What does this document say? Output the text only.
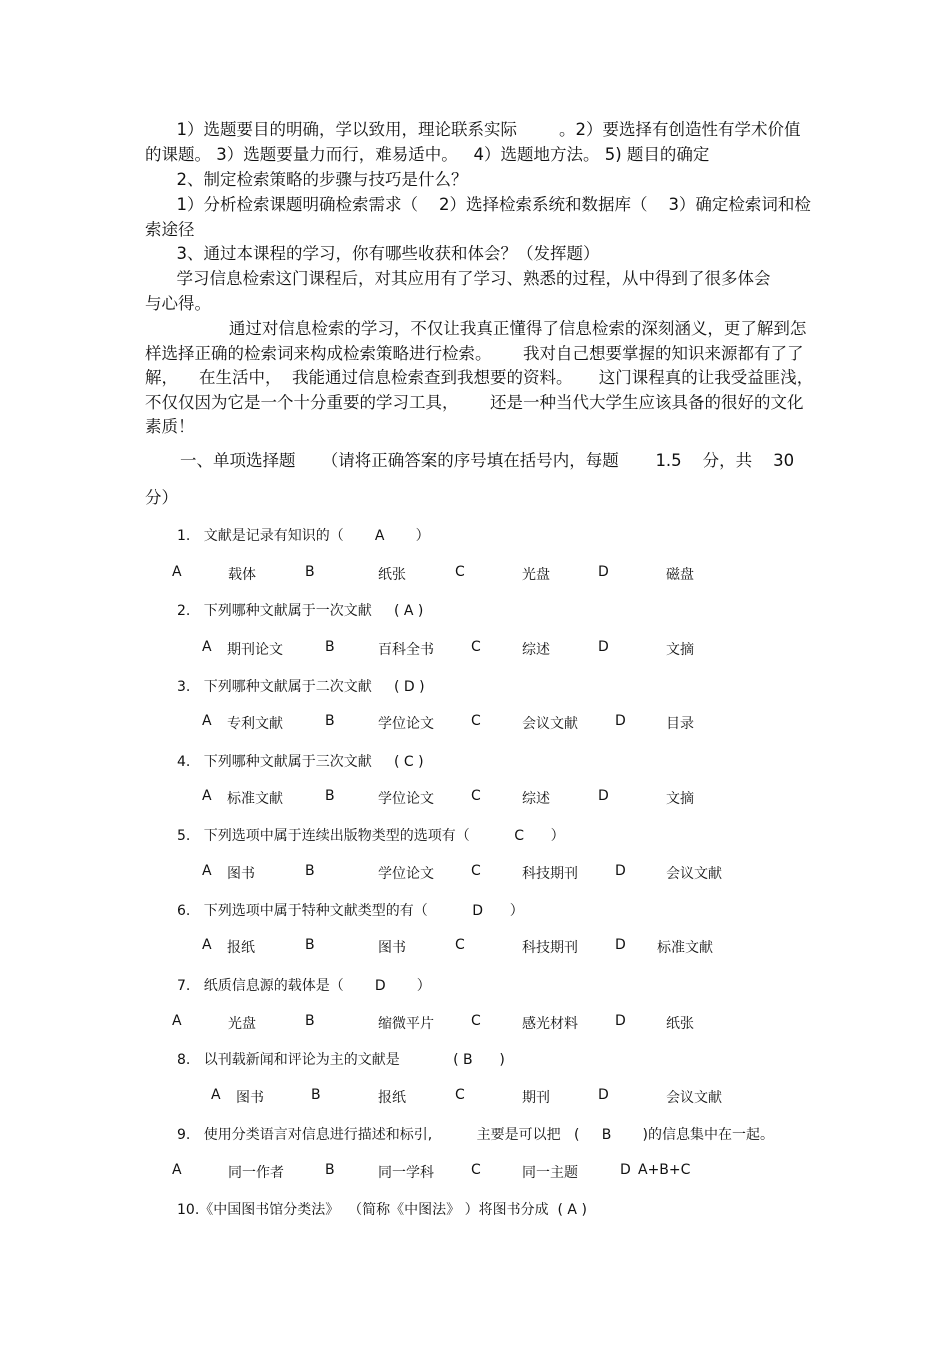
1）选题要目的明确，学以致用，理论联系实际        。2）要选择有创造性有学术价值的课题。 3）选题要量力而行，难易适中。   4）选题地方法。 5) 题目的确定
2、制定检索策略的步骤与技巧是什么？
1）分析检索课题明确检索需求（    2）选择检索系统和数据库（    3）确定检索词和检索途径
3、通过本课程的学习，你有哪些收获和体会？（发挥题）
学习信息检索这门课程后，对其应用有了学习、熟悉的过程，从中得到了很多体会与心得。
通过对信息检索的学习，不仅让我真正懂得了信息检索的深刻涵义，更了解到怎样选择正确的检索词来构成检索策略进行检索。      我对自己想要掌握的知识来源都有了了解，    在生活中，  我能通过信息检索查到我想要的资料。     这门课程真的让我受益匪浅，    不仅仅因为它是一个十分重要的学习工具，      还是一种当代大学生应该具备的很好的文化素质！
一、单项选择题     （请将正确答案的序号填在括号内，每题       1.5    分，共    30
分）
1.   文献是记录有知识的（       A       ）
A	载体	B	纸张	C	光盘	D	磁盘
2.   下列哪种文献属于一次文献     ( A )
A 期刊论文	B	百科全书	C	综述	D	文摘
3.   下列哪种文献属于二次文献     ( D )
A 专利文献	B	学位论文	C	会议文献	D	目录
4.   下列哪种文献属于三次文献     ( C )
A 标准文献	B	学位论文	C	综述	D	文摘
5.   下列选项中属于连续出版物类型的选项有（          C      ）
A 图书	B	学位论文	C	科技期刊	D	会议文献
6.   下列选项中属于特种文献类型的有（          D      ）
A 报纸	B	图书	C	科技期刊	D 标准文献
7.   纸质信息源的载体是（       D       ）
A	光盘	B	缩微平片	C	感光材料	D	纸张
8.   以刊载新闻和评论为主的文献是            ( B      )
A 图书	B	报纸	C	期刊	D	会议文献
9.   使用分类语言对信息进行描述和标引,          主要是可以把   (     B       )的信息集中在一起。
A	同一作者	B	同一学科	C	同一主题	D A+B+C
10.《中国图书馆分类法》  （简称《中图法》 ）将图书分成  ( A )
